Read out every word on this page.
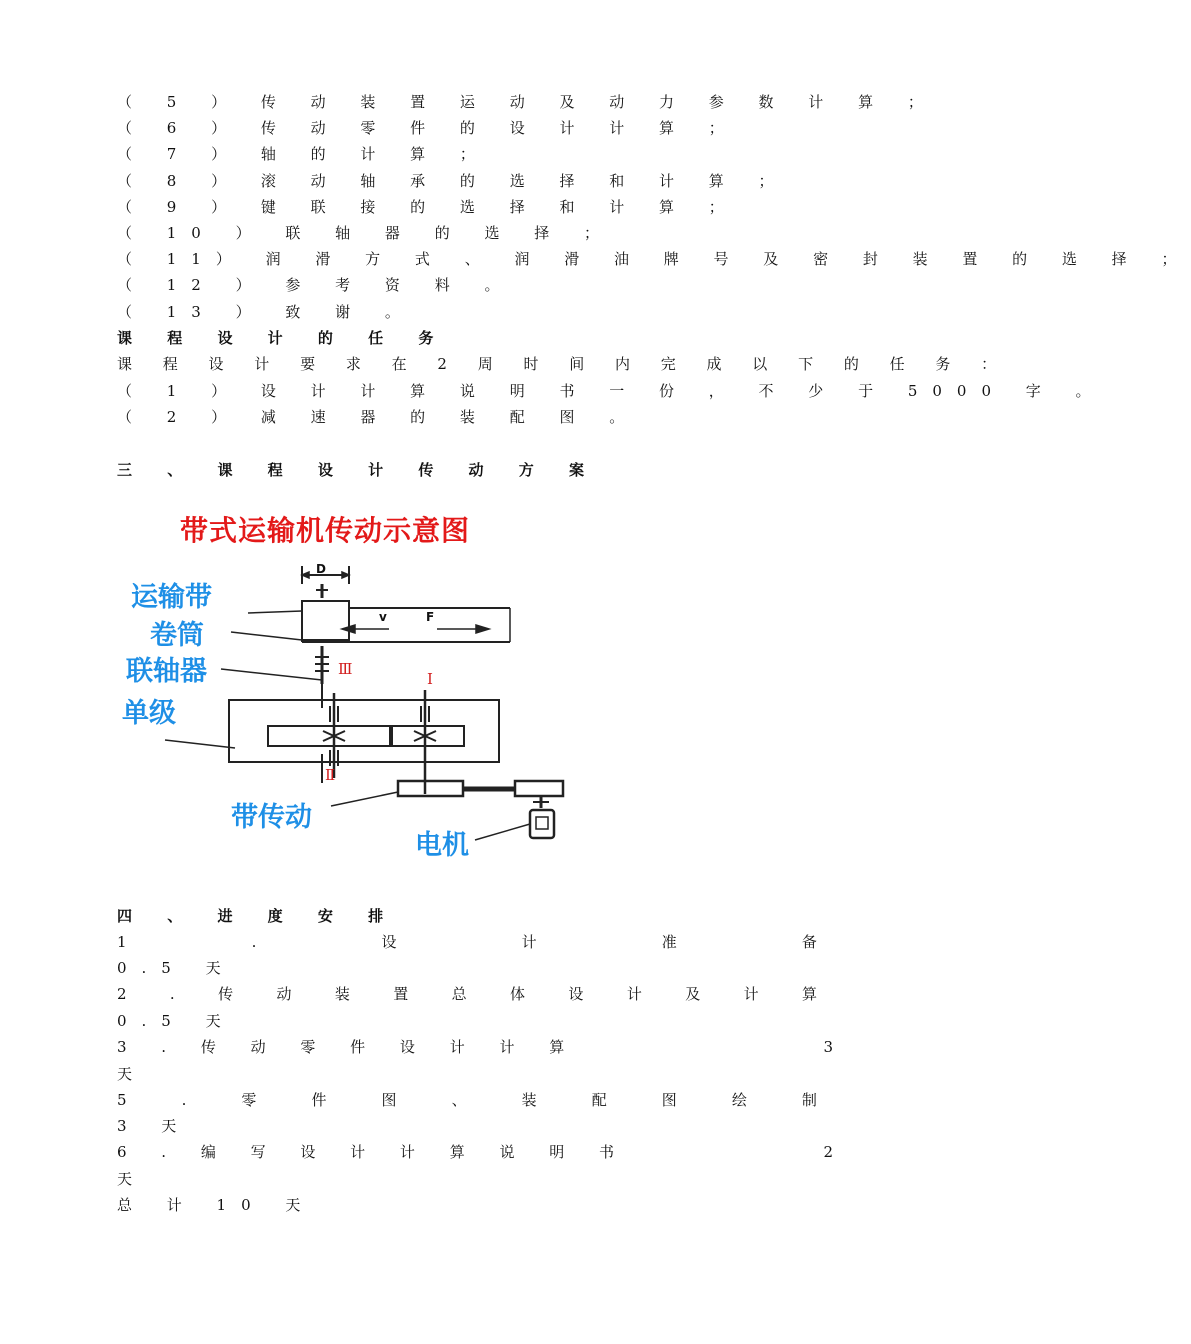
（ 5 ） 传 动 装 置 运 动 及 动 力 参 数 计 算 ；
（ 6 ） 传 动 零 件 的 设 计 计 算 ；
（ 7 ） 轴 的 计 算 ；
（ 8 ） 滚 动 轴 承 的 选 择 和 计 算 ；
（ 9 ） 键 联 接 的 选 择 和 计 算 ；
（ 10 ） 联 轴 器 的 选 择 ；
（ 11） 润 滑 方 式 、 润 滑 油 牌 号 及 密 封 装 置 的 选 择 ；
（ 12 ） 参 考 资 料 。
（ 13 ） 致 谢 。
课 程 设 计 的 任 务
课 程 设 计 要 求 在 2 周 时 间 内 完 成 以 下 的 任 务 ：
（ 1 ） 设 计 计 算 说 明 书 一 份 ， 不 少 于 5000 字 。
（ 2 ） 减 速 器 的 装 配 图 。
三 、 课 程 设 计 传 动 方 案
带式运输机传动示意图
运输带
卷筒
联轴器
单级
带传动
电机
D
v	F
Ⅲ
Ⅰ
Ⅱ
四 、 进 度 安 排
1	.	设	计	准	备
0.5 天
2	.	传	动	装	置	总	体	设	计	及	计	算
0.5 天
3 . 传 动 零 件 设 计 计 算	3
天
5	.	零	件	图	、	装	配	图	绘	制
3 天
6 . 编 写 设 计 计 算 说 明 书	2
天
总 计 10 天
